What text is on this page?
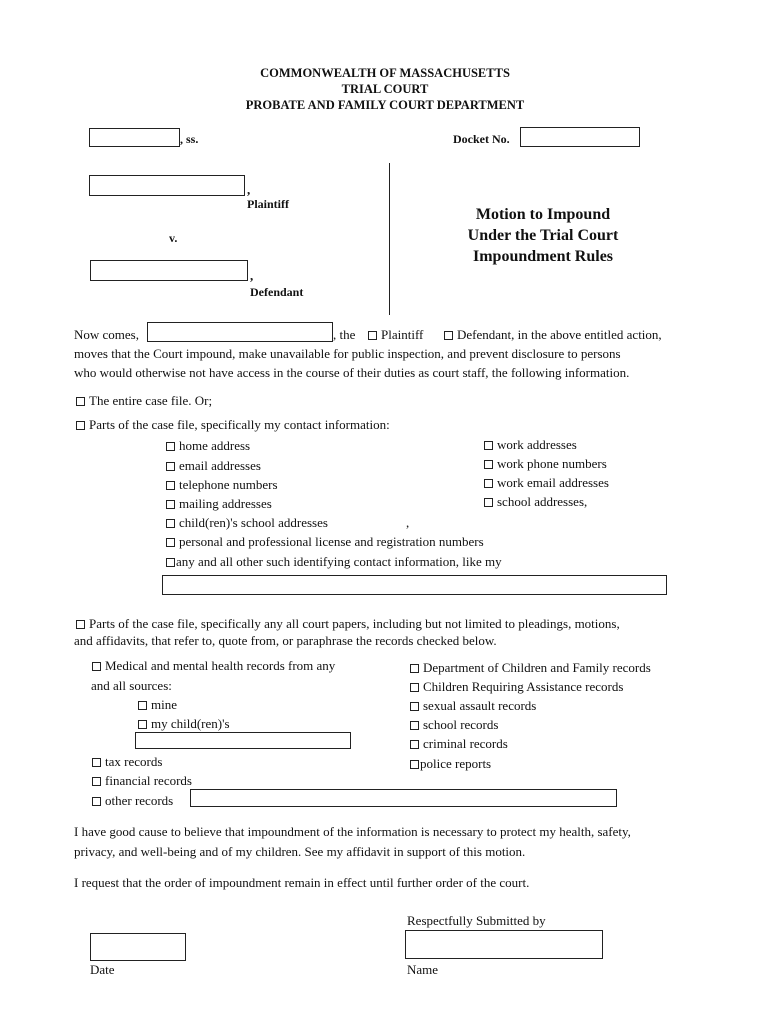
COMMONWEALTH OF MASSACHUSETTS
TRIAL COURT
PROBATE AND FAMILY COURT DEPARTMENT
, ss.	Docket No.
,
Plaintiff
v.
,
Defendant
Motion to Impound
Under the Trial Court
Impoundment Rules
Now comes,	, the	Plaintiff	Defendant, in the above entitled action,
moves that the Court impound, make unavailable for public inspection, and prevent disclosure to persons
who would otherwise not have access in the course of their duties as court staff, the following information.
The entire case file. Or;
Parts of the case file, specifically my contact information:
home address
email addresses
telephone numbers
mailing addresses
child(ren)'s school addresses	,
personal and professional license and registration numbers
any and all other such identifying contact information, like my
work addresses
work phone numbers
work email addresses
school addresses,
Parts of the case file, specifically any all court papers, including but not limited to pleadings, motions,
and affidavits, that refer to, quote from, or paraphrase the records checked below.
Medical and mental health records from any
and all sources:
mine
my child(ren)'s
tax records
financial records
other records
Department of Children and Family records
Children Requiring Assistance records
sexual assault records
school records
criminal records
police reports
I have good cause to believe that impoundment of the information is necessary to protect my health, safety,
privacy, and well-being and of my children. See my affidavit in support of this motion.
I request that the order of impoundment remain in effect until further order of the court.
Respectfully Submitted by
Date	Name
